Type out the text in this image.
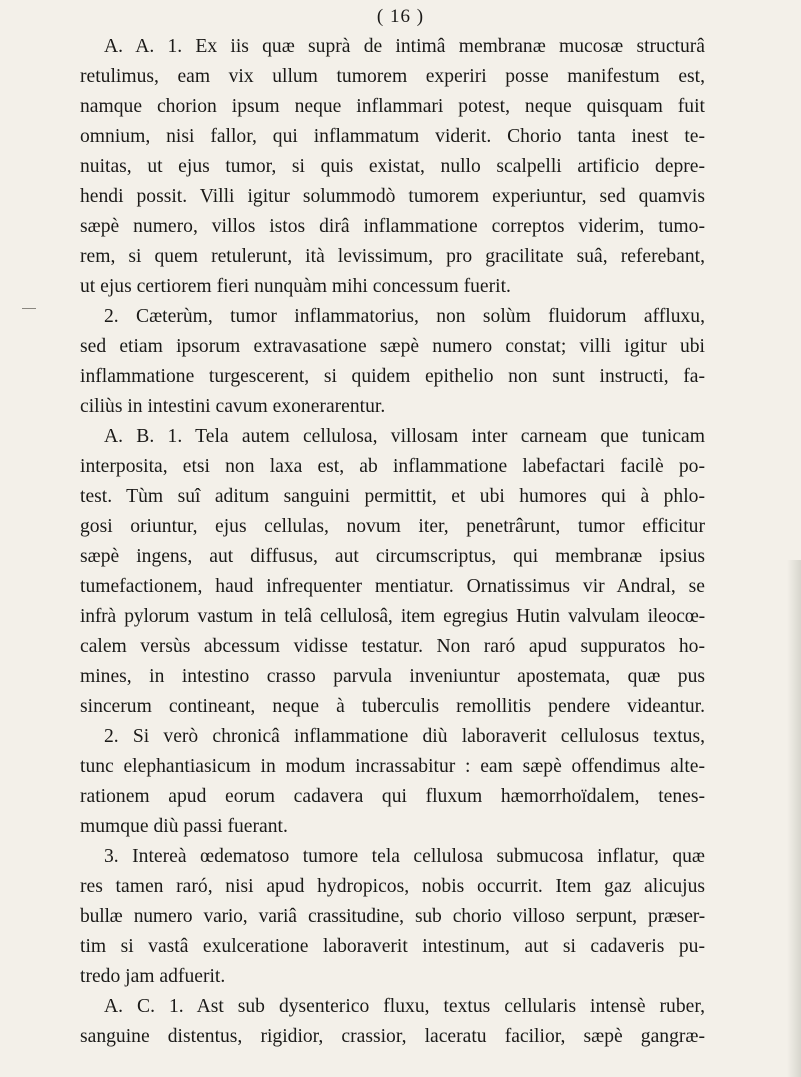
( 16 )
A. A. 1. Ex iis quæ suprà de intimâ membranæ mucosæ structurâ
retulimus, eam vix ullum tumorem experiri posse manifestum est,
namque chorion ipsum neque inflammari potest, neque quisquam fuit
omnium, nisi fallor, qui inflammatum viderit. Chorio tanta inest te-
nuitas, ut ejus tumor, si quis existat, nullo scalpelli artificio depre-
hendi possit. Villi igitur solummodò tumorem experiuntur, sed quamvis
sæpè numero, villos istos dirâ inflammatione correptos viderim, tumo-
rem, si quem retulerunt, ità levissimum, pro gracilitate suâ, referebant,
ut ejus certiorem fieri nunquàm mihi concessum fuerit.
2. Cæterùm, tumor inflammatorius, non solùm fluidorum affluxu,
sed etiam ipsorum extravasatione sæpè numero constat; villi igitur ubi
inflammatione turgescerent, si quidem epithelio non sunt instructi, fa-
ciliùs in intestini cavum exonerarentur.
A. B. 1. Tela autem cellulosa, villosam inter carneam que tunicam
interposita, etsi non laxa est, ab inflammatione labefactari facilè po-
test. Tùm suî aditum sanguini permittit, et ubi humores qui à phlo-
gosi oriuntur, ejus cellulas, novum iter, penetrârunt, tumor efficitur
sæpè ingens, aut diffusus, aut circumscriptus, qui membranæ ipsius
tumefactionem, haud infrequenter mentiatur. Ornatissimus vir Andral, se
infrà pylorum vastum in telâ cellulosâ, item egregius Hutin valvulam ileocœ-
calem versùs abcessum vidisse testatur. Non raró apud suppuratos ho-
mines, in intestino crasso parvula inveniuntur apostemata, quæ pus
sincerum contineant, neque à tuberculis remollitis pendere videantur.
2. Si verò chronicâ inflammatione diù laboraverit cellulosus textus,
tunc elephantiasicum in modum incrassabitur : eam sæpè offendimus alte-
rationem apud eorum cadavera qui fluxum hæmorrhoïdalem, tenes-
mumque diù passi fuerant.
3. Intereà œdematoso tumore tela cellulosa submucosa inflatur, quæ
res tamen raró, nisi apud hydropicos, nobis occurrit. Item gaz alicujus
bullæ numero vario, variâ crassitudine, sub chorio villoso serpunt, præser-
tim si vastâ exulceratione laboraverit intestinum, aut si cadaveris pu-
tredo jam adfuerit.
A. C. 1. Ast sub dysenterico fluxu, textus cellularis intensè ruber,
sanguine distentus, rigidior, crassior, laceratu facilior, sæpè gangræ-
